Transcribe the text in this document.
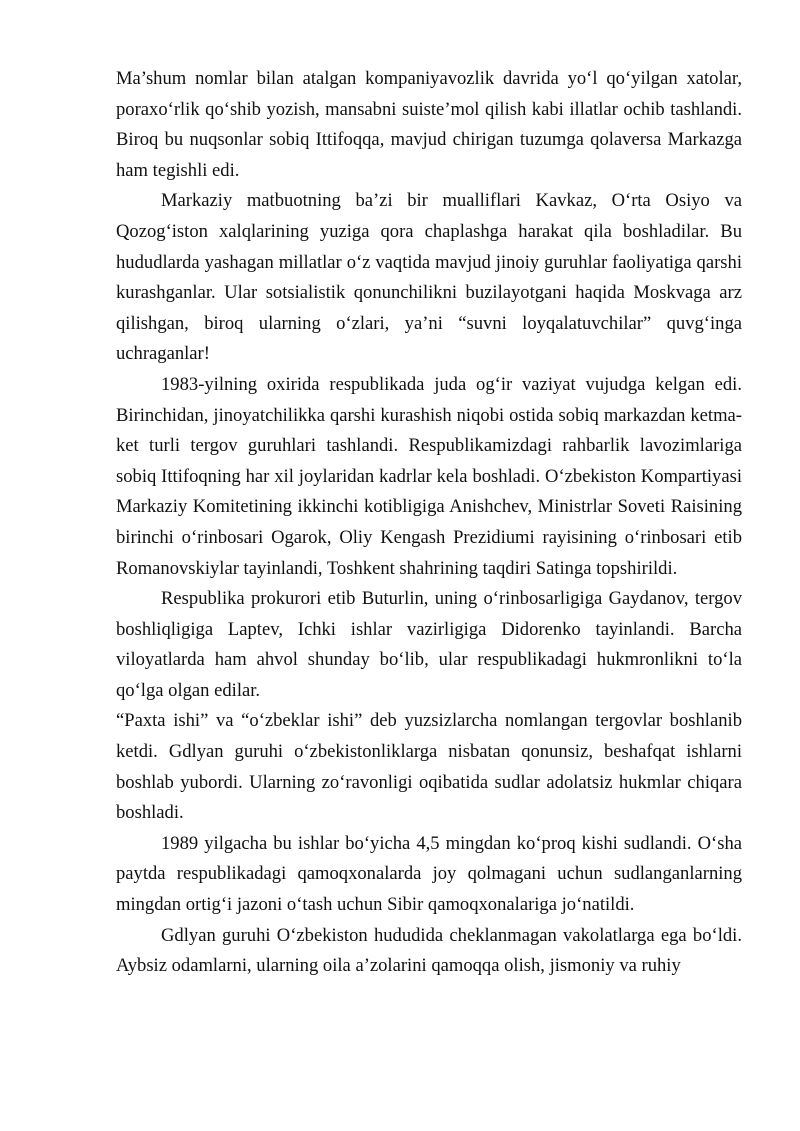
Ma’shum nomlar bilan atalgan kompaniyavozlik davrida yo‘l qo‘yilgan xatolar, poraxo‘rlik qo‘shib yozish, mansabni suiste’mol qilish kabi illatlar ochib tashlandi. Biroq bu nuqsonlar sobiq Ittifoqqa, mavjud chirigan tuzumga qolaversa Markazga ham tegishli edi.

Markaziy matbuotning ba’zi bir mualliflari Kavkaz, O‘rta Osiyo va Qozog‘iston xalqlarining yuziga qora chaplashga harakat qila boshladilar. Bu hududlarda yashagan millatlar o‘z vaqtida mavjud jinoiy guruhlar faoliyatiga qarshi kurashganlar. Ular sotsialistik qonunchilikni buzilayotgani haqida Moskvaga arz qilishgan, biroq ularning o‘zlari, ya’ni “suvni loyqalatuvchilar” quvg‘inga uchraganlar!

1983-yilning oxirida respublikada juda og‘ir vaziyat vujudga kelgan edi. Birinchidan, jinoyatchilikka qarshi kurashish niqobi ostida sobiq markazdan ketma-ket turli tergov guruhlari tashlandi. Respublikamizdagi rahbarlik lavozimlariga sobiq Ittifoqning har xil joylaridan kadrlar kela boshladi. O‘zbekiston Kompartiyasi Markaziy Komitetining ikkinchi kotibligiga Anishchev, Ministrlar Soveti Raisining birinchi o‘rinbosari Ogarok, Oliy Kengash Prezidiumi rayisining o‘rinbosari etib Romanovskiylar tayinlandi, Toshkent shahrining taqdiri Satinga topshirildi.

Respublika prokurori etib Buturlin, uning o‘rinbosarligiga Gaydanov, tergov boshliqligiga Laptev, Ichki ishlar vazirligiga Didorenko tayinlandi. Barcha viloyatlarda ham ahvol shunday bo‘lib, ular respublikadagi hukmronlikni to‘la qo‘lga olgan edilar.

“Paxta ishi” va “o‘zbeklar ishi” deb yuzsizlarcha nomlangan tergovlar boshlanib ketdi. Gdlyan guruhi o‘zbekistonliklarga nisbatan qonunsiz, beshafqat ishlarni boshlab yubordi. Ularning zo‘ravonligi oqibatida sudlar adolatsiz hukmlar chiqara boshladi.

1989 yilgacha bu ishlar bo‘yicha 4,5 mingdan ko‘proq kishi sudlandi. O‘sha paytda respublikadagi qamoqxonalarda joy qolmagani uchun sudlanganlarning mingdan ortig‘i jazoni o‘tash uchun Sibir qamoqxonalariga jo‘natildi.

Gdlyan guruhi O‘zbekiston hududida cheklanmagan vakolatlarga ega bo‘ldi. Aybsiz odamlarni, ularning oila a’zolarini qamoqqa olish, jismoniy va ruhiy
